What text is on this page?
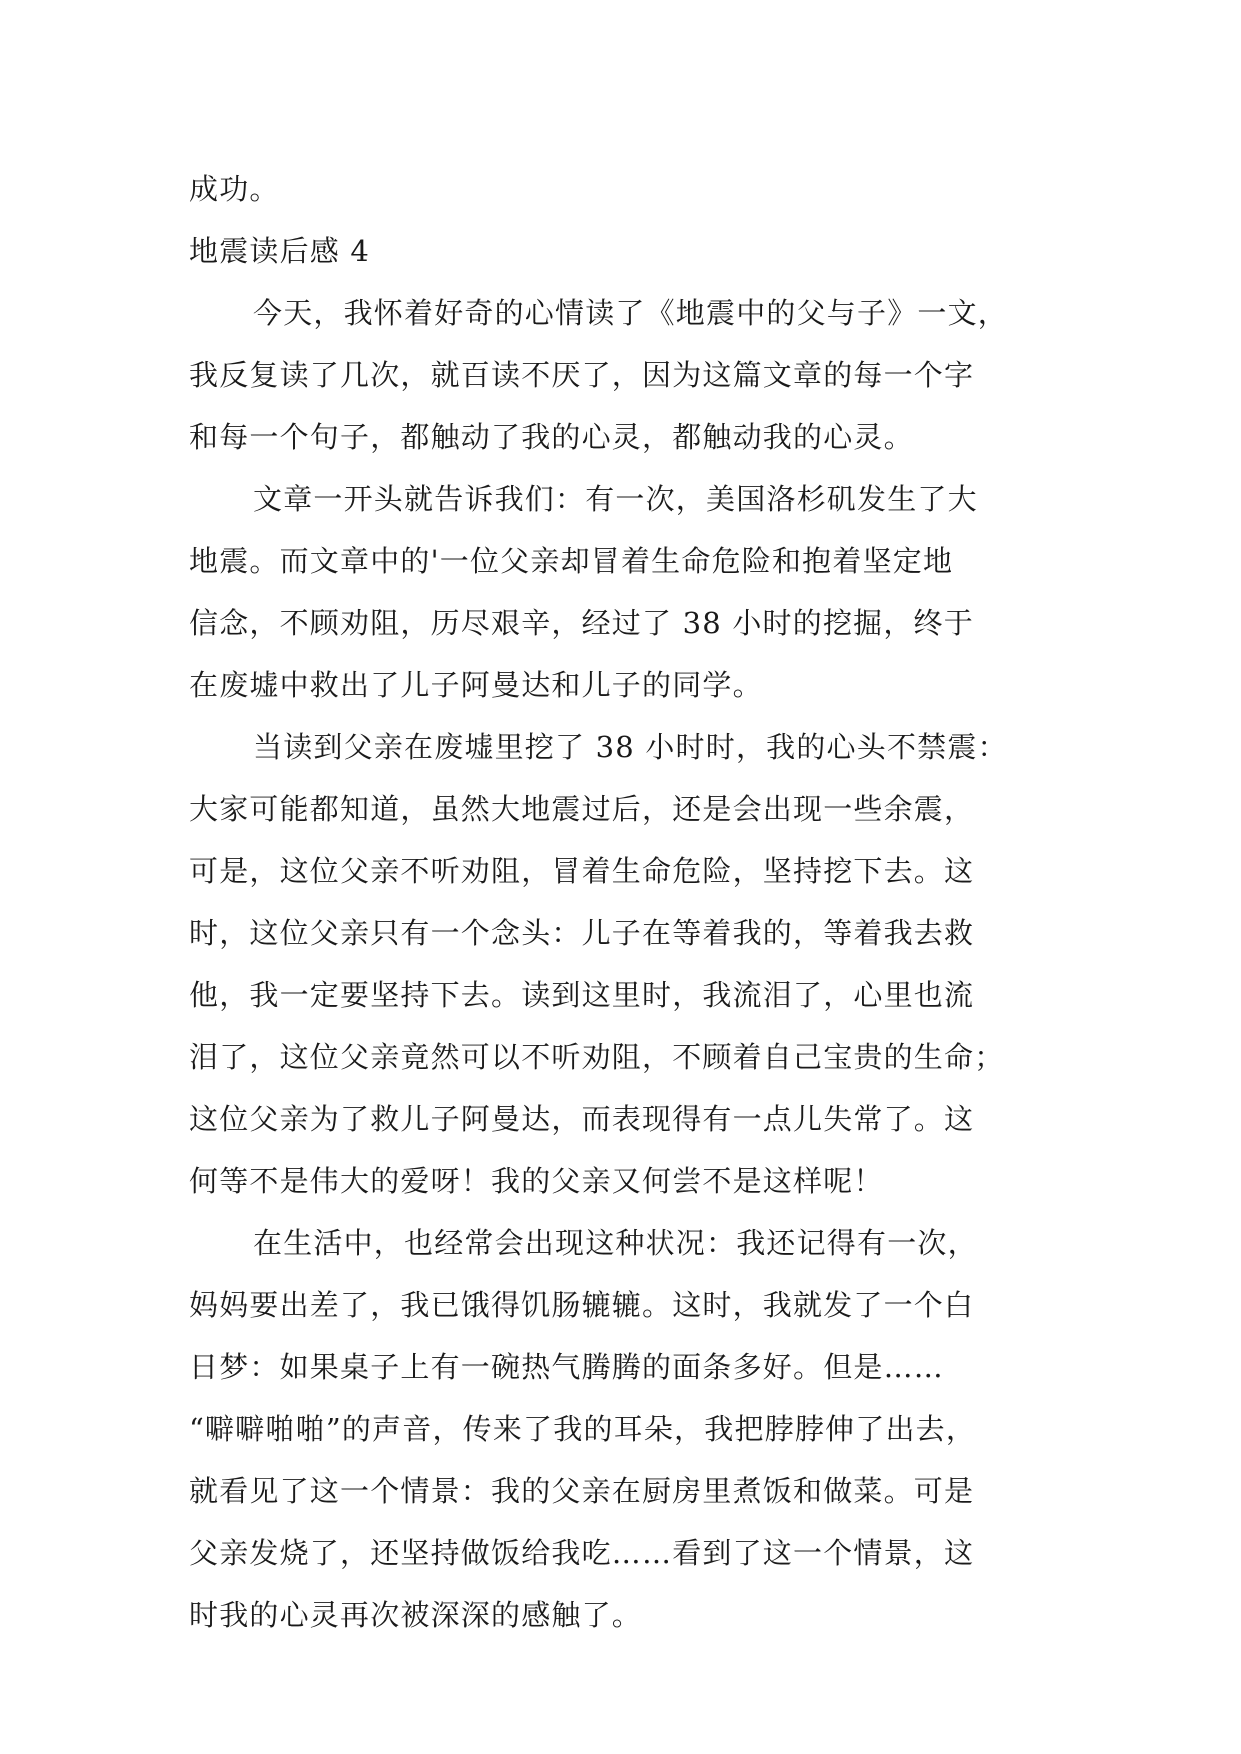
成功。
地震读后感 4
今天，我怀着好奇的心情读了《地震中的父与子》一文，
我反复读了几次，就百读不厌了，因为这篇文章的每一个字
和每一个句子，都触动了我的心灵，都触动我的心灵。
文章一开头就告诉我们：有一次，美国洛杉矶发生了大
地震。而文章中的'一位父亲却冒着生命危险和抱着坚定地
信念，不顾劝阻，历尽艰辛，经过了 38 小时的挖掘，终于
在废墟中救出了儿子阿曼达和儿子的同学。
当读到父亲在废墟里挖了 38 小时时，我的心头不禁震：
大家可能都知道，虽然大地震过后，还是会出现一些余震，
可是，这位父亲不听劝阻，冒着生命危险，坚持挖下去。这
时，这位父亲只有一个念头：儿子在等着我的，等着我去救
他，我一定要坚持下去。读到这里时，我流泪了，心里也流
泪了，这位父亲竟然可以不听劝阻，不顾着自己宝贵的生命；
这位父亲为了救儿子阿曼达，而表现得有一点儿失常了。这
何等不是伟大的爱呀！我的父亲又何尝不是这样呢！
在生活中，也经常会出现这种状况：我还记得有一次，
妈妈要出差了，我已饿得饥肠辘辘。这时，我就发了一个白
日梦：如果桌子上有一碗热气腾腾的面条多好。但是……
“噼噼啪啪”的声音，传来了我的耳朵，我把脖脖伸了出去，
就看见了这一个情景：我的父亲在厨房里煮饭和做菜。可是
父亲发烧了，还坚持做饭给我吃……看到了这一个情景，这
时我的心灵再次被深深的感触了。
